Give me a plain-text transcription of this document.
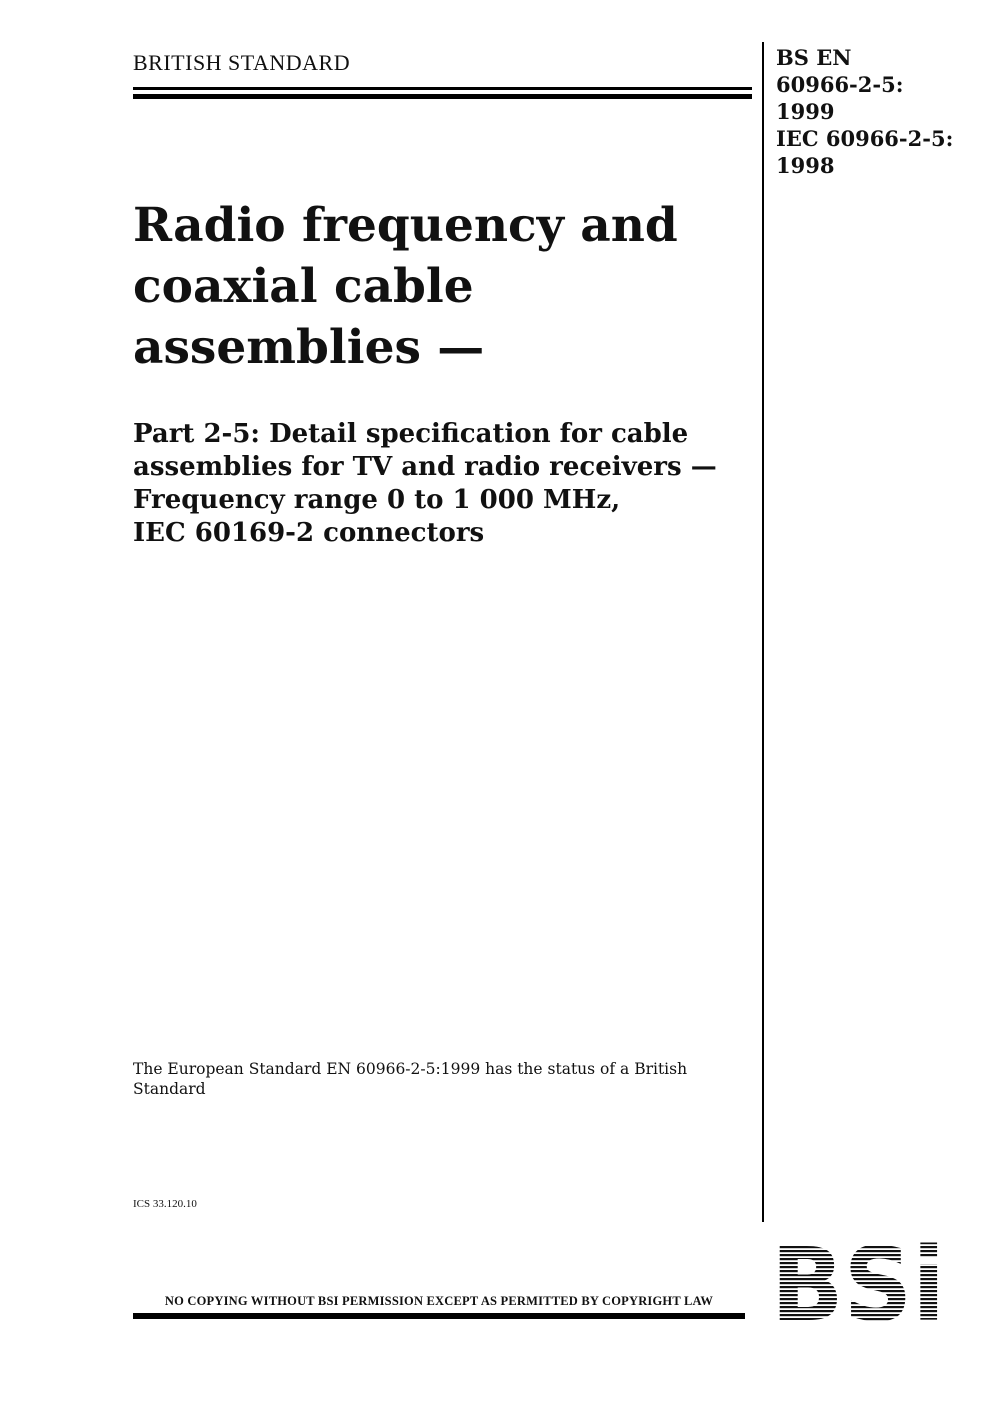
BRITISH STANDARD	BS EN
60966-2-5:
1999
IEC 60966-2-5:
1998
Radio frequency and coaxial cable assemblies —
Part 2-5: Detail specification for cable
assemblies for TV and radio receivers —
Frequency range 0 to 1 000 MHz,
IEC 60169-2 connectors
The European Standard EN 60966-2-5:1999 has the status of a British Standard
ICS 33.120.10
NO COPYING WITHOUT BSI PERMISSION EXCEPT AS PERMITTED BY COPYRIGHT LAW
